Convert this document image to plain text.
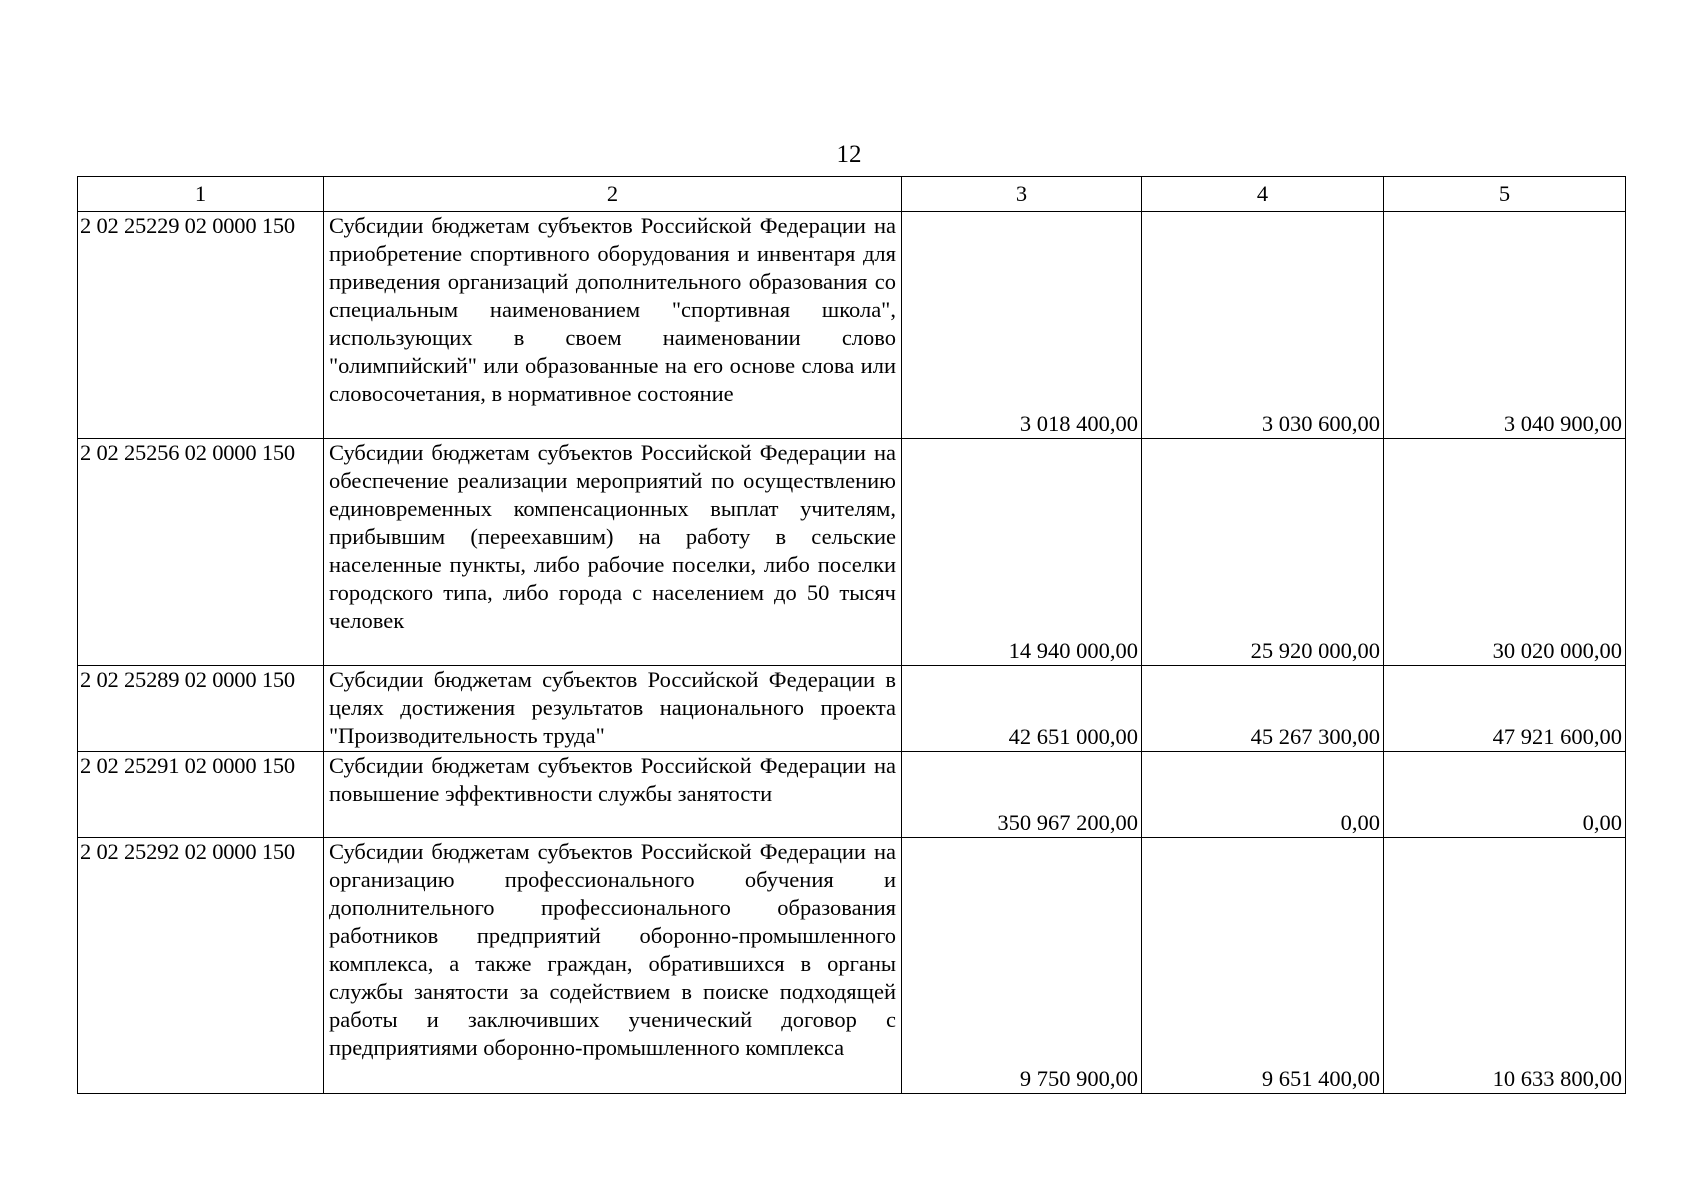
12
1	2	3	4	5
2 02 25229 02 0000 150	Субсидии бюджетам субъектов Российской Федерации на приобретение спортивного оборудования и инвентаря для приведения организаций дополнительного образования со специальным наименованием "спортивная школа", использующих в своем наименовании слово "олимпийский" или образованные на его основе слова или словосочетания, в нормативное состояние	3 018 400,00	3 030 600,00	3 040 900,00
2 02 25256 02 0000 150	Субсидии бюджетам субъектов Российской Федерации на обеспечение реализации мероприятий по осуществлению единовременных компенсационных выплат учителям, прибывшим (переехавшим) на работу в сельские населенные пункты, либо рабочие поселки, либо поселки городского типа, либо города с населением до 50 тысяч человек	14 940 000,00	25 920 000,00	30 020 000,00
2 02 25289 02 0000 150	Субсидии бюджетам субъектов Российской Федерации в целях достижения результатов национального проекта "Производительность труда"	42 651 000,00	45 267 300,00	47 921 600,00
2 02 25291 02 0000 150	Субсидии бюджетам субъектов Российской Федерации на повышение эффективности службы занятости	350 967 200,00	0,00	0,00
2 02 25292 02 0000 150	Субсидии бюджетам субъектов Российской Федерации на организацию профессионального обучения и дополнительного профессионального образования работников предприятий оборонно-промышленного комплекса, а также граждан, обратившихся в органы службы занятости за содействием в поиске подходящей работы и заключивших ученический договор с предприятиями оборонно-промышленного комплекса	9 750 900,00	9 651 400,00	10 633 800,00
